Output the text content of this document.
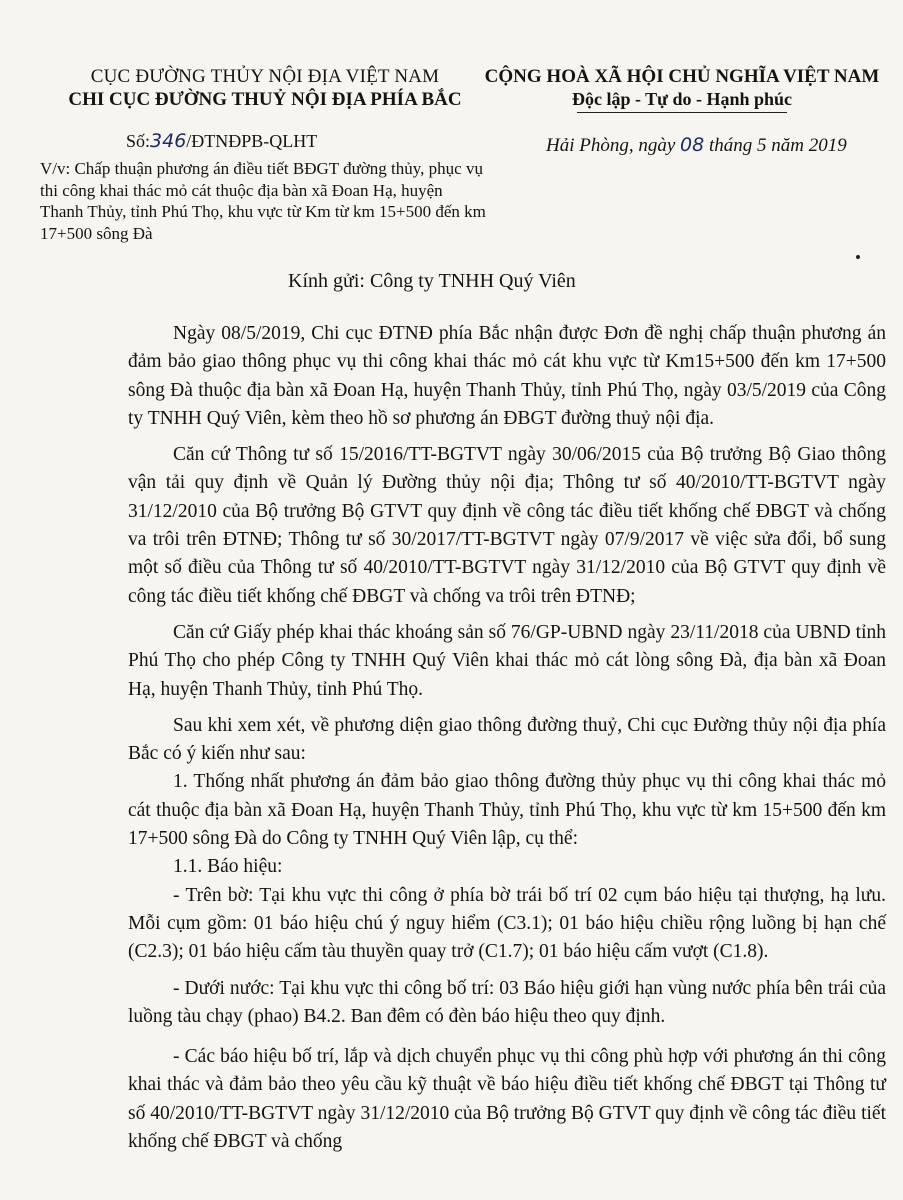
CỤC ĐƯỜNG THỦY NỘI ĐỊA VIỆT NAM
CHI CỤC ĐƯỜNG THUỶ NỘI ĐỊA PHÍA BẮC
CỘNG HOÀ XÃ HỘI CHỦ NGHĨA VIỆT NAM
Độc lập - Tự do - Hạnh phúc
Số:346/ĐTNĐPB-QLHT	Hải Phòng, ngày 08 tháng 5 năm 2019
V/v: Chấp thuận phương án điều tiết BĐGT đường thủy, phục vụ thi công khai thác mỏ cát thuộc địa bàn xã Đoan Hạ, huyện Thanh Thủy, tỉnh Phú Thọ, khu vực từ Km từ km 15+500 đến km 17+500 sông Đà
Kính gửi: Công ty TNHH Quý Viên

Ngày 08/5/2019, Chi cục ĐTNĐ phía Bắc nhận được Đơn đề nghị chấp thuận phương án đảm bảo giao thông phục vụ thi công khai thác mỏ cát khu vực từ Km15+500 đến km 17+500 sông Đà thuộc địa bàn xã Đoan Hạ, huyện Thanh Thủy, tỉnh Phú Thọ, ngày 03/5/2019 của Công ty TNHH Quý Viên, kèm theo hồ sơ phương án ĐBGT đường thuỷ nội địa.

Căn cứ Thông tư số 15/2016/TT-BGTVT ngày 30/06/2015 của Bộ trưởng Bộ Giao thông vận tải quy định về Quản lý Đường thủy nội địa; Thông tư số 40/2010/TT-BGTVT ngày 31/12/2010 của Bộ trưởng Bộ GTVT quy định về công tác điều tiết khống chế ĐBGT và chống va trôi trên ĐTNĐ; Thông tư số 30/2017/TT-BGTVT ngày 07/9/2017 về việc sửa đổi, bổ sung một số điều của Thông tư số 40/2010/TT-BGTVT ngày 31/12/2010 của Bộ GTVT quy định về công tác điều tiết khống chế ĐBGT và chống va trôi trên ĐTNĐ;

Căn cứ Giấy phép khai thác khoáng sản số 76/GP-UBND ngày 23/11/2018 của UBND tỉnh Phú Thọ cho phép Công ty TNHH Quý Viên khai thác mỏ cát lòng sông Đà, địa bàn xã Đoan Hạ, huyện Thanh Thủy, tỉnh Phú Thọ.

Sau khi xem xét, về phương diện giao thông đường thuỷ, Chi cục Đường thủy nội địa phía Bắc có ý kiến như sau:

1. Thống nhất phương án đảm bảo giao thông đường thủy phục vụ thi công khai thác mỏ cát thuộc địa bàn xã Đoan Hạ, huyện Thanh Thủy, tỉnh Phú Thọ, khu vực từ km 15+500 đến km 17+500 sông Đà do Công ty TNHH Quý Viên lập, cụ thể:

1.1. Báo hiệu:

- Trên bờ: Tại khu vực thi công ở phía bờ trái bố trí 02 cụm báo hiệu tại thượng, hạ lưu. Mỗi cụm gồm: 01 báo hiệu chú ý nguy hiểm (C3.1); 01 báo hiệu chiều rộng luồng bị hạn chế (C2.3); 01 báo hiệu cấm tàu thuyền quay trở (C1.7); 01 báo hiệu cấm vượt (C1.8).

- Dưới nước: Tại khu vực thi công bố trí: 03 Báo hiệu giới hạn vùng nước phía bên trái của luồng tàu chạy (phao) B4.2. Ban đêm có đèn báo hiệu theo quy định.

- Các báo hiệu bố trí, lắp và dịch chuyển phục vụ thi công phù hợp với phương án thi công khai thác và đảm bảo theo yêu cầu kỹ thuật về báo hiệu điều tiết khống chế ĐBGT tại Thông tư số 40/2010/TT-BGTVT ngày 31/12/2010 của Bộ trưởng Bộ GTVT quy định về công tác điều tiết khống chế ĐBGT và chống
